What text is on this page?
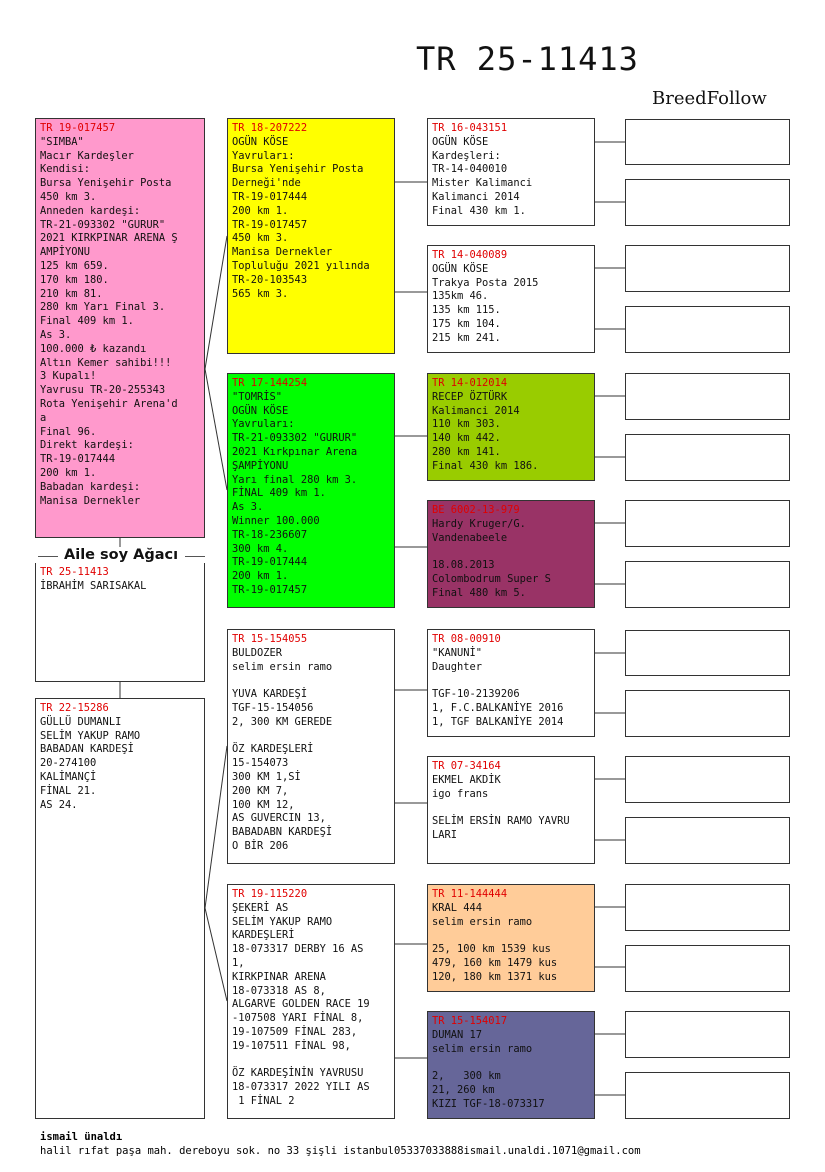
TR 25-11413
BreedFollow
TR 19-017457
"SIMBA"
Macır Kardeşler
Kendisi:
Bursa Yenişehir Posta
450 km 3.
Anneden kardeşi:
TR-21-093302 "GURUR"
2021 KIRKPINAR ARENA Ş
AMPİYONU
125 km 659.
170 km 180.
210 km 81.
280 km Yarı Final 3.
Final 409 km 1.
As 3.
100.000 ₺ kazandı
Altın Kemer sahibi!!!
3 Kupalı!
Yavrusu TR-20-255343
Rota Yenişehir Arena'd
a
Final 96.
Direkt kardeşi:
TR-19-017444
200 km 1.
Babadan kardeşi:
Manisa Dernekler
Aile soy Ağacı
TR 25-11413
İBRAHİM SARISAKAL
TR 22-15286
GÜLLÜ DUMANLI
SELİM YAKUP RAMO
BABADAN KARDEŞİ
20-274100
KALİMANÇİ
FİNAL 21.
AS 24.
TR 18-207222
OGÜN KÖSE
Yavruları:
Bursa Yenişehir Posta
Derneği'nde
TR-19-017444
200 km 1.
TR-19-017457
450 km 3.
Manisa Dernekler
Topluluğu 2021 yılında
TR-20-103543
565 km 3.
TR 17-144254
"TOMRİS"
OGÜN KÖSE
Yavruları:
TR-21-093302 "GURUR"
2021 Kırkpınar Arena
ŞAMPİYONU
Yarı final 280 km 3.
FİNAL 409 km 1.
As 3.
Winner 100.000
TR-18-236607
300 km 4.
TR-19-017444
200 km 1.
TR-19-017457
TR 15-154055
BULDOZER
selim ersin ramo

YUVA KARDEŞİ
TGF-15-154056
2, 300 KM GEREDE

ÖZ KARDEŞLERİ
15-154073
300 KM 1,Sİ
200 KM 7,
100 KM 12,
AS GUVERCIN 13,
BABADABN KARDEŞİ
O BİR 206
TR 19-115220
ŞEKERİ AS
SELİM YAKUP RAMO
KARDEŞLERİ
18-073317 DERBY 16 AS
1,
KIRKPINAR ARENA
18-073318 AS 8,
ALGARVE GOLDEN RACE 19
-107508 YARI FİNAL 8,
19-107509 FİNAL 283,
19-107511 FİNAL 98,

ÖZ KARDEŞİNİN YAVRUSU
18-073317 2022 YILI AS
1 FİNAL 2
TR 16-043151
OGÜN KÖSE
Kardeşleri:
TR-14-040010
Mister Kalimanci
Kalimanci 2014
Final 430 km 1.
TR 14-040089
OGÜN KÖSE
Trakya Posta 2015
135km 46.
135 km 115.
175 km 104.
215 km 241.
TR 14-012014
RECEP ÖZTÜRK
Kalimanci 2014
110 km 303.
140 km 442.
280 km 141.
Final 430 km 186.
BE 6002-13-979
Hardy Kruger/G.
Vandenabeele

18.08.2013
Colombodrum Super S
Final 480 km 5.
TR 08-00910
"KANUNİ"
Daughter

TGF-10-2139206
1, F.C.BALKANİYE 2016
1, TGF BALKANİYE 2014
TR 07-34164
EKMEL AKDİK
igo frans

SELİM ERSİN RAMO YAVRU
LARI
TR 11-144444
KRAL 444
selim ersin ramo

25, 100 km 1539 kus
479, 160 km 1479 kus
120, 180 km 1371 kus
TR 15-154017
DUMAN 17
selim ersin ramo

2,   300 km
21, 260 km
KIZI TGF-18-073317
ismail ünaldı
halil rıfat paşa mah. dereboyu sok. no 33 şişli istanbul05337033888ismail.unaldi.1071@gmail.com
